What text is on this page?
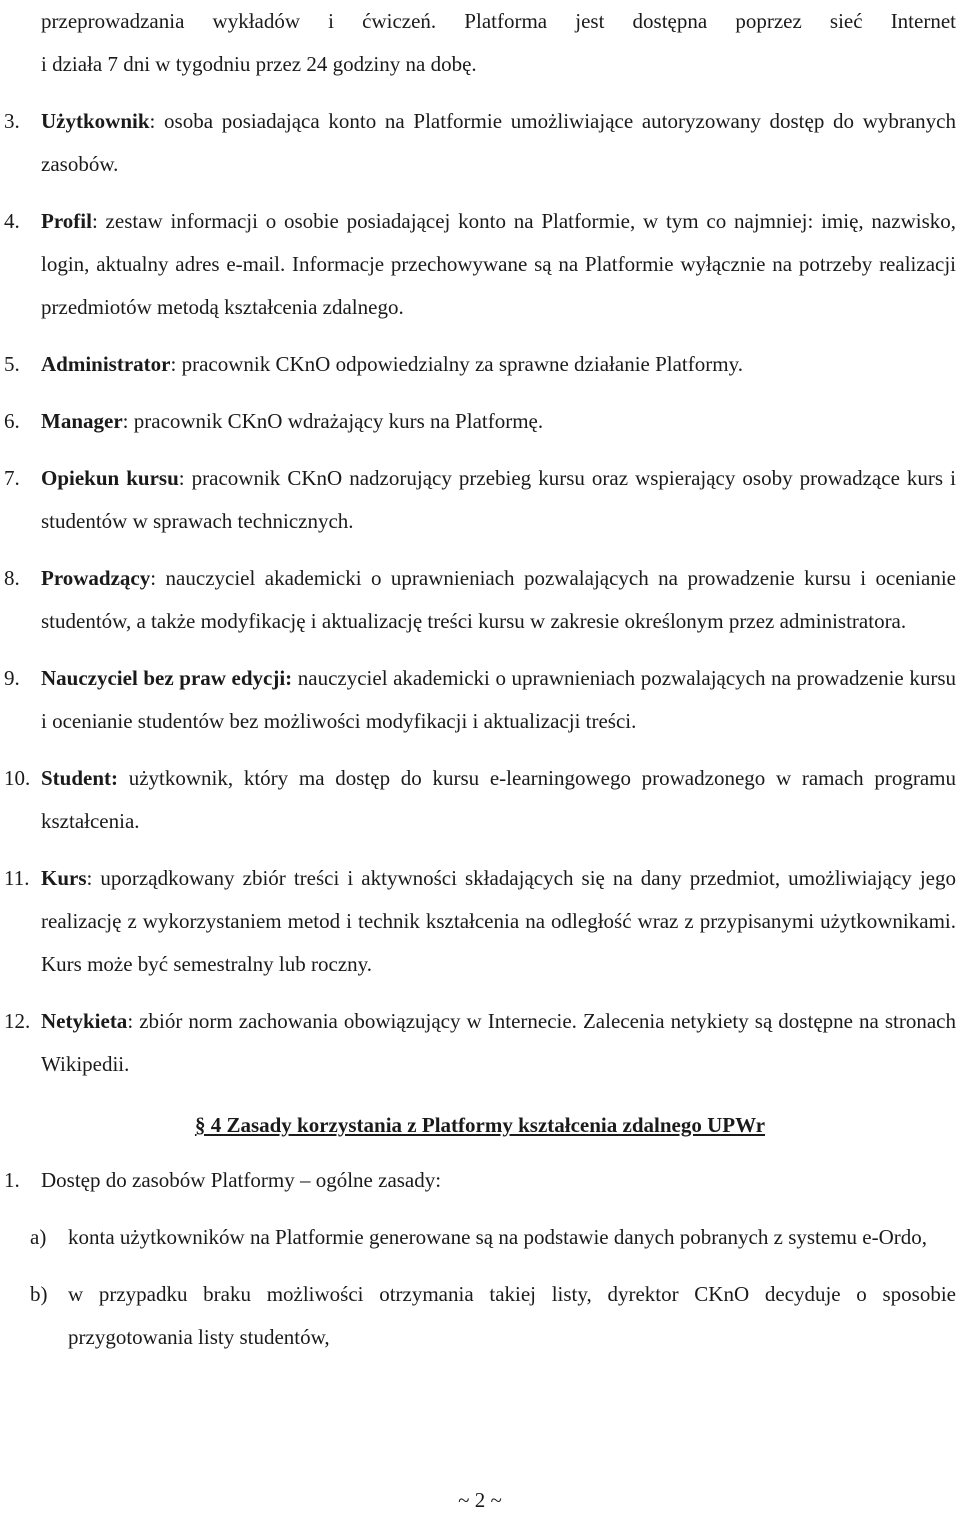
przeprowadzania wykładów i ćwiczeń. Platforma jest dostępna poprzez sieć Internet

i działa 7 dni w tygodniu przez 24 godziny na dobę.

3. Użytkownik: osoba posiadająca konto na Platformie umożliwiające autoryzowany dostęp do wybranych zasobów.
4. Profil: zestaw informacji o osobie posiadającej konto na Platformie, w tym co najmniej: imię, nazwisko, login, aktualny adres e-mail. Informacje przechowywane są na Platformie wyłącznie na potrzeby realizacji przedmiotów metodą kształcenia zdalnego.
5. Administrator: pracownik CKnO odpowiedzialny za sprawne działanie Platformy.
6. Manager: pracownik CKnO wdrażający kurs na Platformę.
7. Opiekun kursu: pracownik CKnO nadzorujący przebieg kursu oraz wspierający osoby prowadzące kurs i studentów w sprawach technicznych.
8. Prowadzący: nauczyciel akademicki o uprawnieniach pozwalających na prowadzenie kursu i ocenianie studentów, a także modyfikację i aktualizację treści kursu w zakresie określonym przez administratora.
9. Nauczyciel bez praw edycji: nauczyciel akademicki o uprawnieniach pozwalających na prowadzenie kursu i ocenianie studentów bez możliwości modyfikacji i aktualizacji treści.
10. Student: użytkownik, który ma dostęp do kursu e-learningowego prowadzonego w ramach programu kształcenia.
11. Kurs: uporządkowany zbiór treści i aktywności składających się na dany przedmiot, umożliwiający jego realizację z wykorzystaniem metod i technik kształcenia na odległość wraz z przypisanymi użytkownikami. Kurs może być semestralny lub roczny.
12. Netykieta: zbiór norm zachowania obowiązujący w Internecie. Zalecenia netykiety są dostępne na stronach Wikipedii.

§ 4 Zasady korzystania z Platformy kształcenia zdalnego UPWr

1. Dostęp do zasobów Platformy – ogólne zasady:
a) konta użytkowników na Platformie generowane są na podstawie danych pobranych z systemu e-Ordo,
b) w przypadku braku możliwości otrzymania takiej listy, dyrektor CKnO decyduje o sposobie przygotowania listy studentów,
~ 2 ~
